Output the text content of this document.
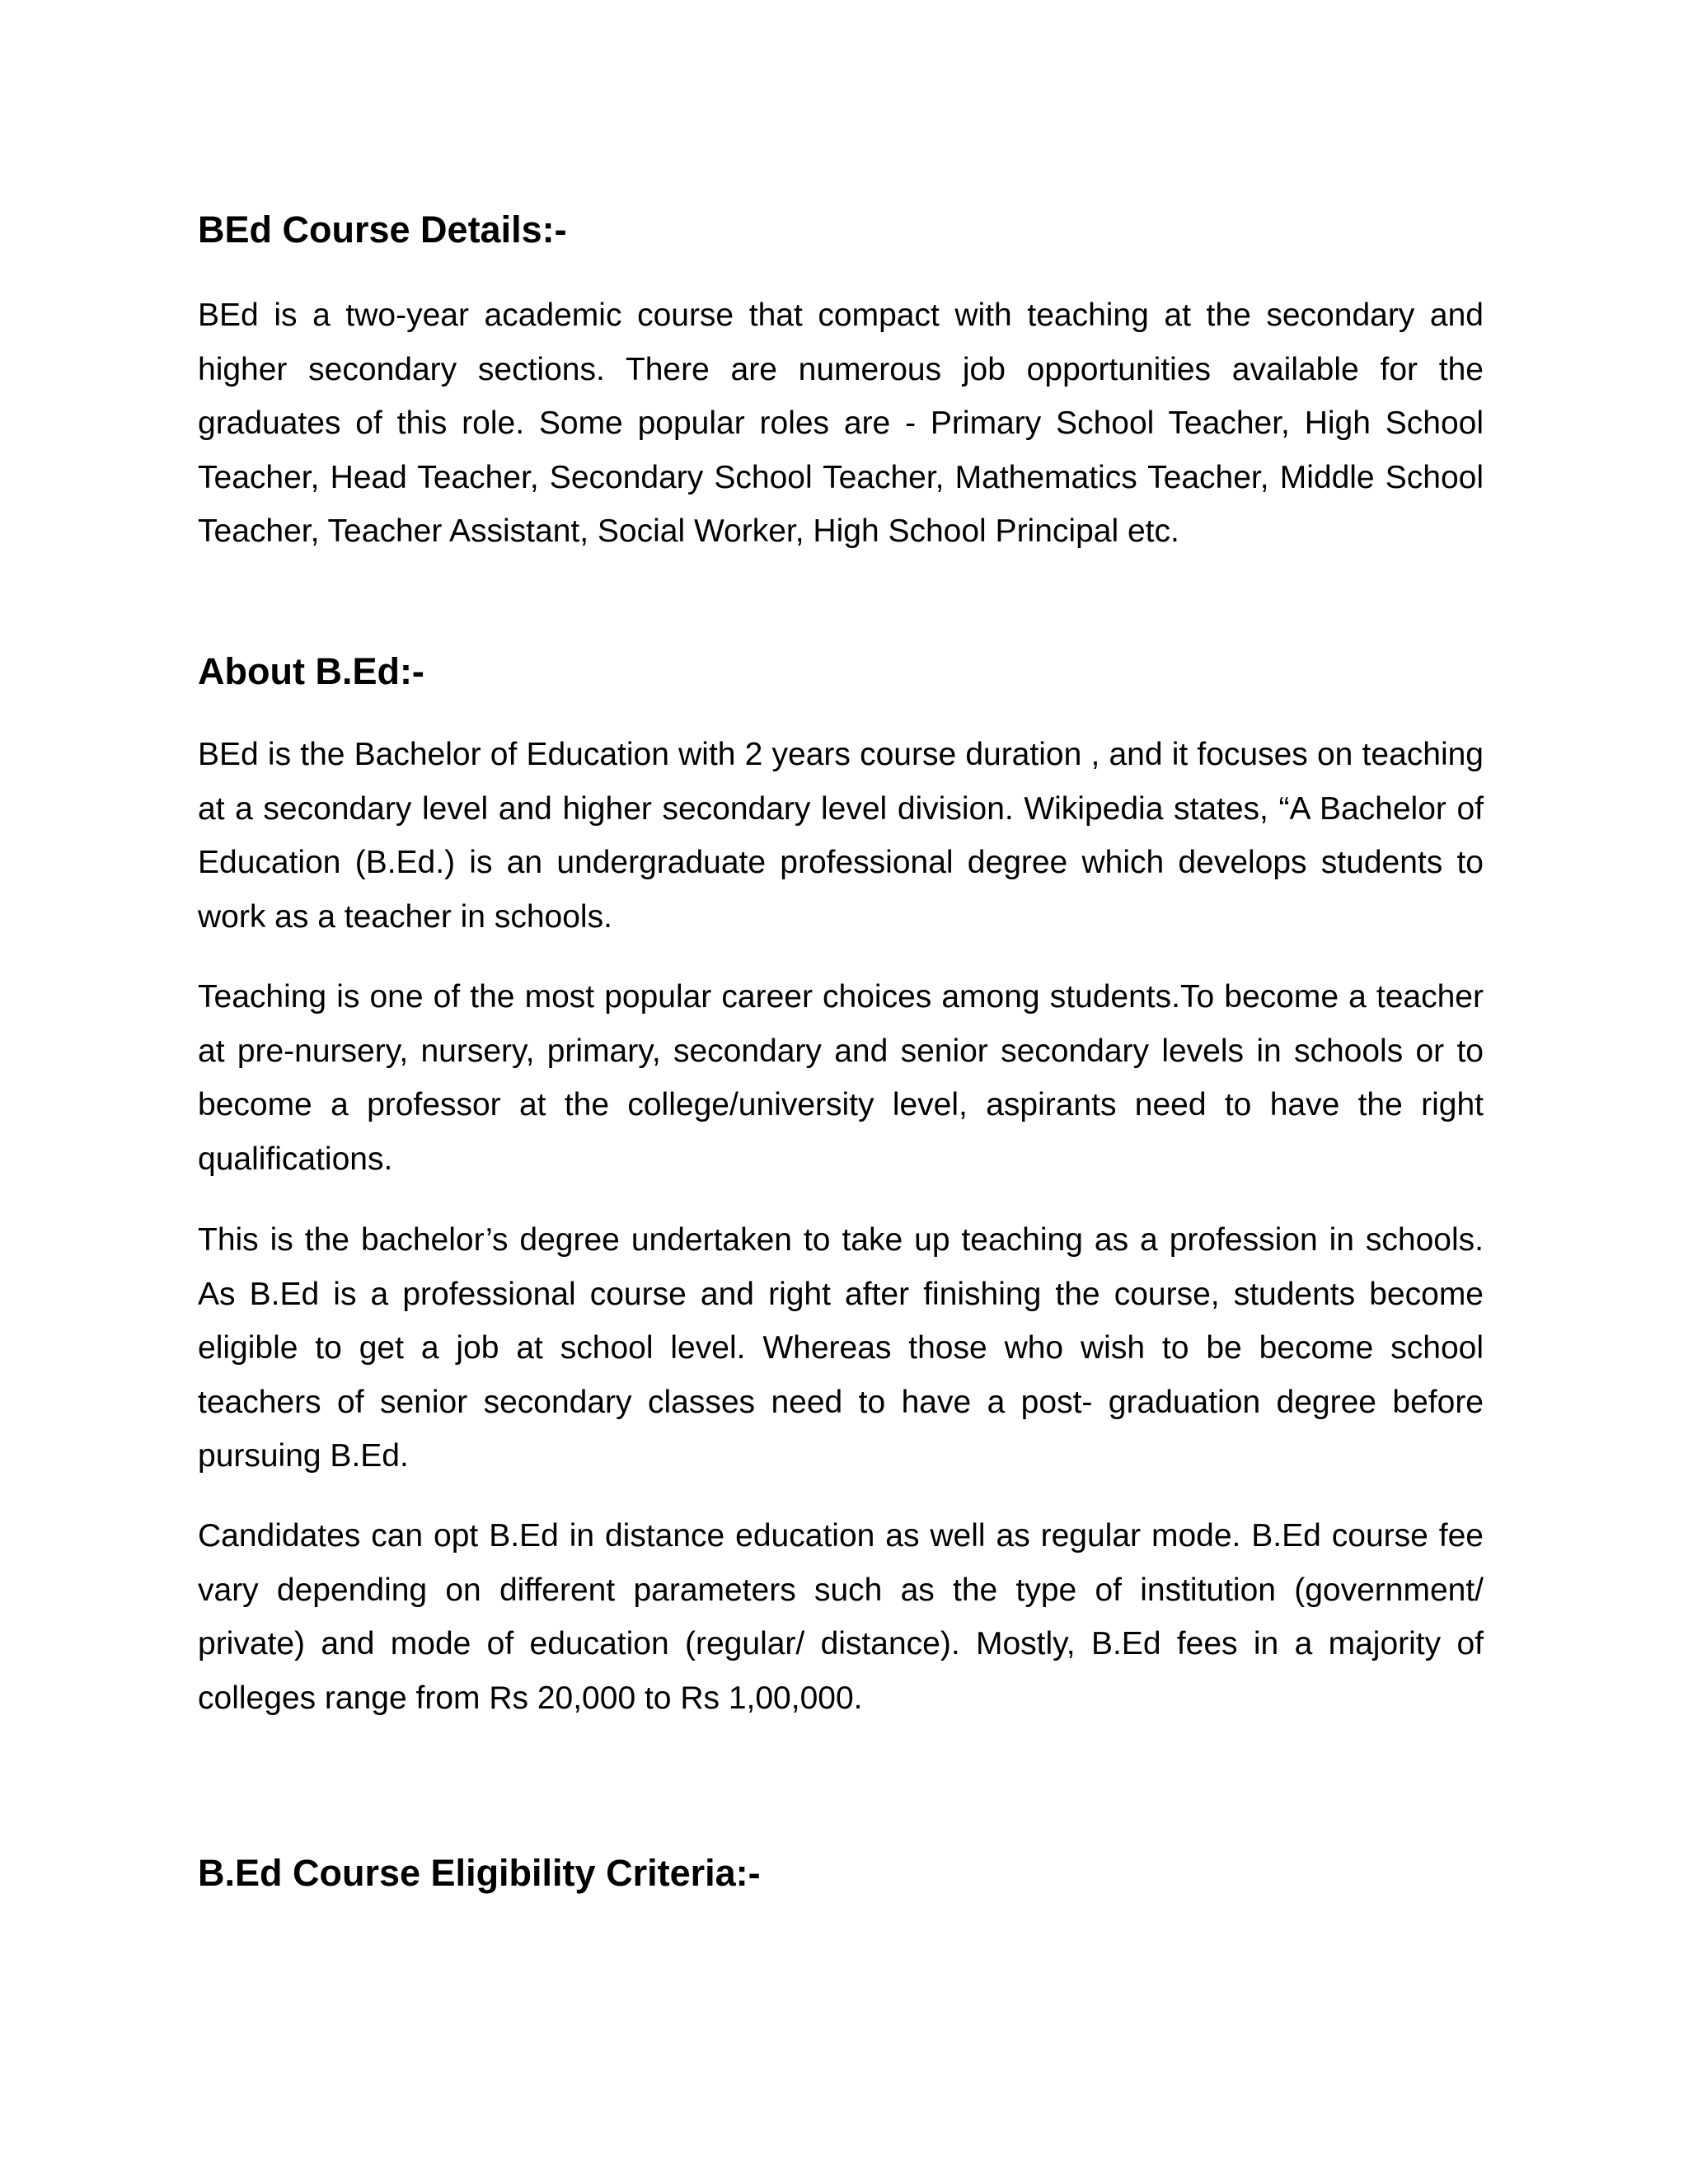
BEd Course Details:-

BEd is a two-year academic course that compact with teaching at the secondary and higher secondary sections. There are numerous job opportunities available for the graduates of this role. Some popular roles are - Primary School Teacher, High School Teacher, Head Teacher, Secondary School Teacher, Mathematics Teacher, Middle School Teacher, Teacher Assistant, Social Worker, High School Principal etc.

About B.Ed:-

BEd is the Bachelor of Education with 2 years course duration , and it focuses on teaching at a secondary level and higher secondary level division. Wikipedia states, “A Bachelor of Education (B.Ed.) is an undergraduate professional degree which develops students to work as a teacher in schools.

Teaching is one of the most popular career choices among students.To become a teacher at pre-nursery, nursery, primary, secondary and senior secondary levels in schools or to become a professor at the college/university level, aspirants need to have the right qualifications.

This is the bachelor’s degree undertaken to take up teaching as a profession in schools. As B.Ed is a professional course and right after finishing the course, students become eligible to get a job at school level. Whereas those who wish to be become school teachers of senior secondary classes need to have a post- graduation degree before pursuing B.Ed.

Candidates can opt B.Ed in distance education as well as regular mode. B.Ed course fee vary depending on different parameters such as the type of institution (government/ private) and mode of education (regular/ distance). Mostly, B.Ed fees in a majority of colleges range from Rs 20,000 to Rs 1,00,000.

B.Ed Course Eligibility Criteria:-
